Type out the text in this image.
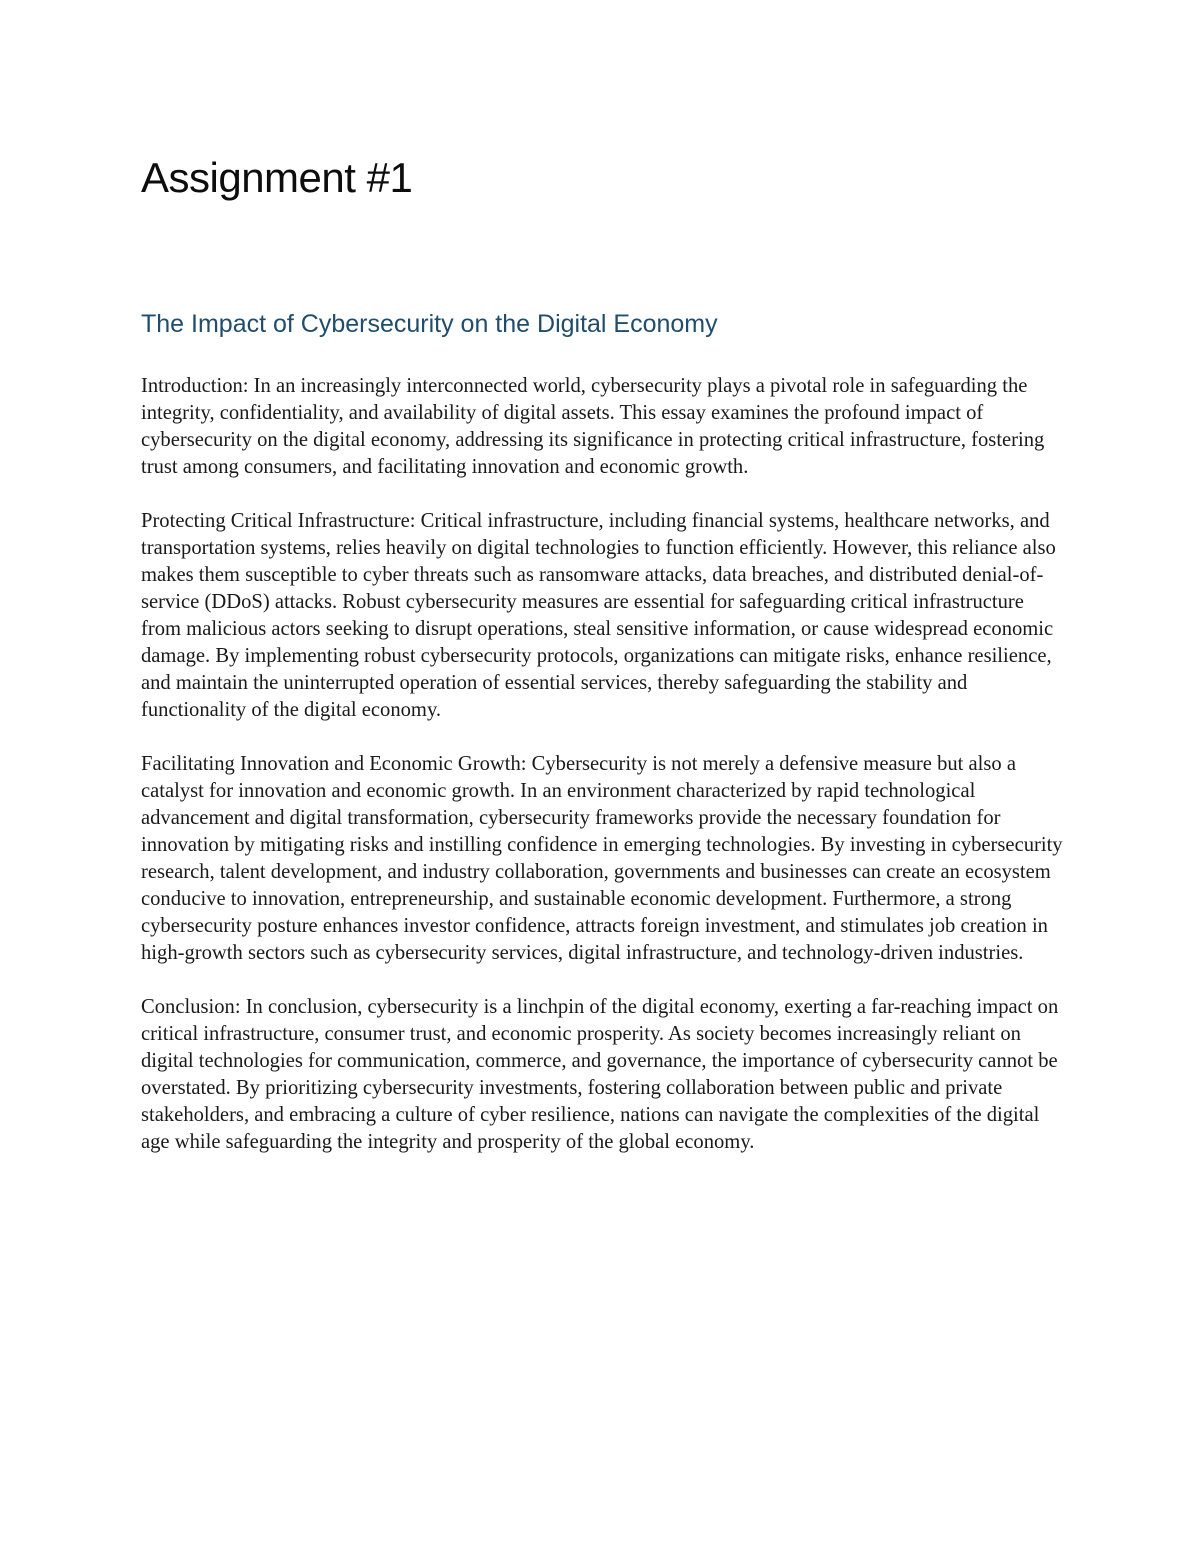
Assignment #1
The Impact of Cybersecurity on the Digital Economy

Introduction: In an increasingly interconnected world, cybersecurity plays a pivotal role in safeguarding the integrity, confidentiality, and availability of digital assets. This essay examines the profound impact of cybersecurity on the digital economy, addressing its significance in protecting critical infrastructure, fostering trust among consumers, and facilitating innovation and economic growth.

Protecting Critical Infrastructure: Critical infrastructure, including financial systems, healthcare networks, and transportation systems, relies heavily on digital technologies to function efficiently. However, this reliance also makes them susceptible to cyber threats such as ransomware attacks, data breaches, and distributed denial-of-service (DDoS) attacks. Robust cybersecurity measures are essential for safeguarding critical infrastructure from malicious actors seeking to disrupt operations, steal sensitive information, or cause widespread economic damage. By implementing robust cybersecurity protocols, organizations can mitigate risks, enhance resilience, and maintain the uninterrupted operation of essential services, thereby safeguarding the stability and functionality of the digital economy.

Facilitating Innovation and Economic Growth: Cybersecurity is not merely a defensive measure but also a catalyst for innovation and economic growth. In an environment characterized by rapid technological advancement and digital transformation, cybersecurity frameworks provide the necessary foundation for innovation by mitigating risks and instilling confidence in emerging technologies. By investing in cybersecurity research, talent development, and industry collaboration, governments and businesses can create an ecosystem conducive to innovation, entrepreneurship, and sustainable economic development. Furthermore, a strong cybersecurity posture enhances investor confidence, attracts foreign investment, and stimulates job creation in high-growth sectors such as cybersecurity services, digital infrastructure, and technology-driven industries.

Conclusion: In conclusion, cybersecurity is a linchpin of the digital economy, exerting a far-reaching impact on critical infrastructure, consumer trust, and economic prosperity. As society becomes increasingly reliant on digital technologies for communication, commerce, and governance, the importance of cybersecurity cannot be overstated. By prioritizing cybersecurity investments, fostering collaboration between public and private stakeholders, and embracing a culture of cyber resilience, nations can navigate the complexities of the digital age while safeguarding the integrity and prosperity of the global economy.
